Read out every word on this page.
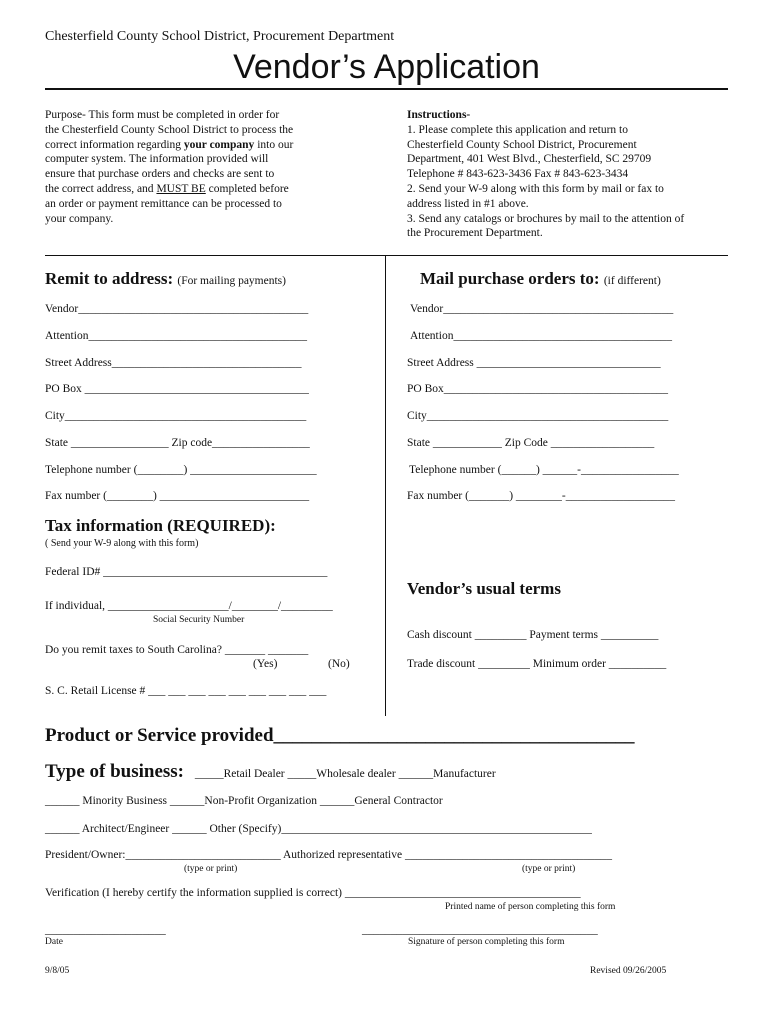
Chesterfield County School District, Procurement Department
Vendor’s Application
Purpose- This form must be completed in order for
the Chesterfield County School District to process the
correct information regarding your company into our
computer system. The information provided will
ensure that purchase orders and checks are sent to
the correct address, and MUST BE completed before
an order or payment remittance can be processed to
your company.
Instructions-
1. Please complete this application and return to
Chesterfield County School District, Procurement
Department, 401 West Blvd., Chesterfield, SC 29709
Telephone # 843-623-3436 Fax # 843-623-3434
2. Send your W-9 along with this form by mail or fax to
address listed in #1 above.
3. Send any catalogs or brochures by mail to the attention of
the Procurement Department.
Remit to address: (For mailing payments)
Vendor________________________________________
Attention______________________________________
Street Address_________________________________
PO Box _______________________________________
City__________________________________________
State _________________ Zip code_________________
Telephone number (________) ______________________
Fax number (________) __________________________
Mail purchase orders to: (if different)
Vendor________________________________________
Attention______________________________________
Street Address ________________________________
PO Box_______________________________________
City__________________________________________
State ____________ Zip Code __________________
Telephone number (______) ______-_________________
Fax number (_______) ________-___________________
Tax information (REQUIRED):
( Send your W-9 along with this form)
Federal ID# _______________________________________
If individual, _____________________/________/_________
Social Security Number
Do you remit taxes to South Carolina? _______ _______
(Yes)	(No)
S. C. Retail License # ___ ___ ___ ___ ___ ___ ___ ___ ___
Vendor’s usual terms
Cash discount _________ Payment terms __________
Trade discount _________ Minimum order __________
Product or Service provided______________________________________
Type of business: _____Retail Dealer _____Wholesale dealer ______Manufacturer
______ Minority Business ______Non-Profit Organization ______General Contractor
______ Architect/Engineer ______ Other (Specify)______________________________________________________
President/Owner:___________________________ Authorized representative ____________________________________
(type or print)	(type or print)
Verification (I hereby certify the information supplied is correct) _________________________________________
Printed name of person completing this form
_____________________	_________________________________________
Date	Signature of person completing this form
9/8/05	Revised 09/26/2005
